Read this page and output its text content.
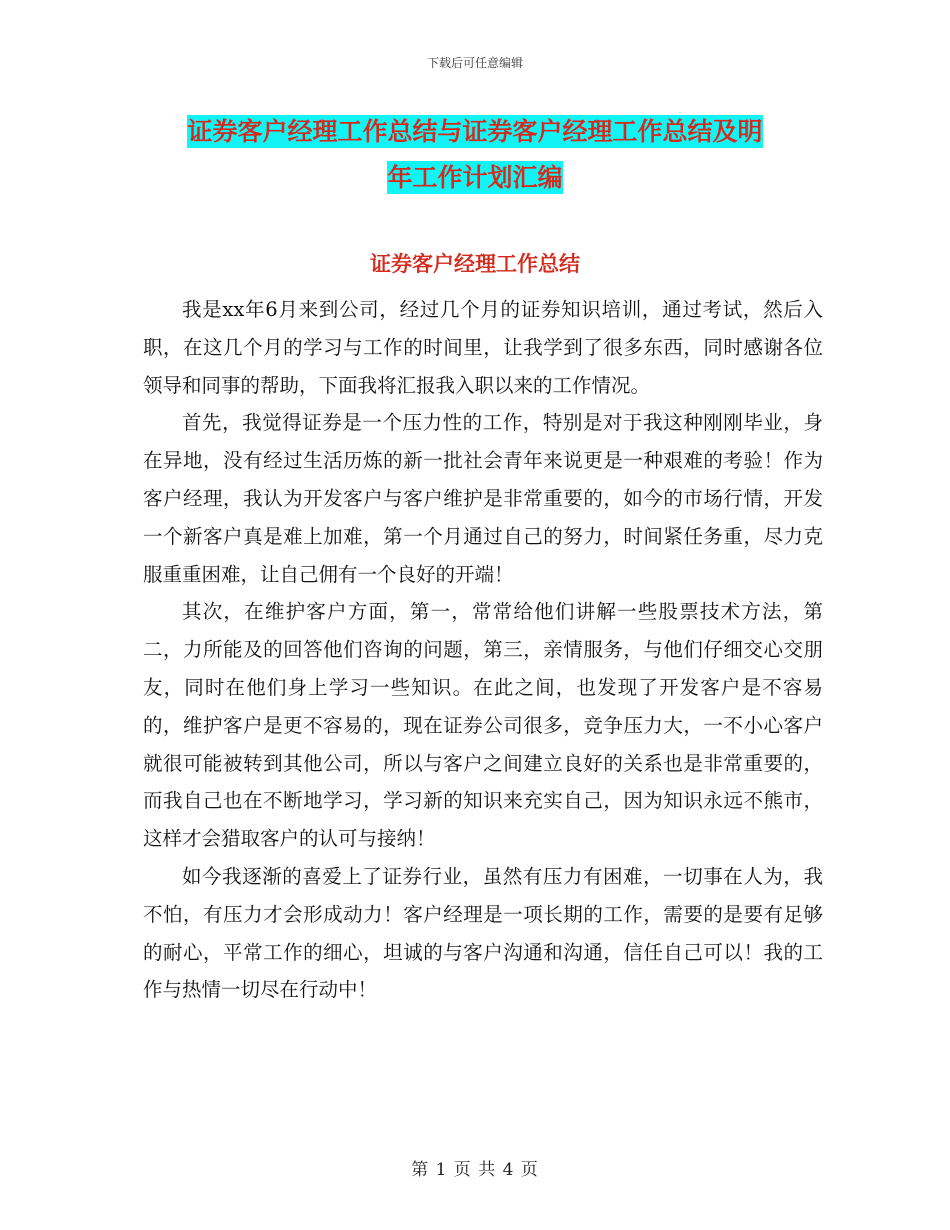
下载后可任意编辑
证券客户经理工作总结与证券客户经理工作总结及明
年工作计划汇编
证券客户经理工作总结

我是xx年6月来到公司，经过几个月的证券知识培训，通过考试，然后入职，在这几个月的学习与工作的时间里，让我学到了很多东西，同时感谢各位领导和同事的帮助，下面我将汇报我入职以来的工作情况。

首先，我觉得证券是一个压力性的工作，特别是对于我这种刚刚毕业，身在异地，没有经过生活历炼的新一批社会青年来说更是一种艰难的考验！作为客户经理，我认为开发客户与客户维护是非常重要的，如今的市场行情，开发一个新客户真是难上加难，第一个月通过自己的努力，时间紧任务重，尽力克服重重困难，让自己佣有一个良好的开端！

其次，在维护客户方面，第一，常常给他们讲解一些股票技术方法，第二，力所能及的回答他们咨询的问题，第三，亲情服务，与他们仔细交心交朋友，同时在他们身上学习一些知识。在此之间，也发现了开发客户是不容易的，维护客户是更不容易的，现在证券公司很多，竞争压力大，一不小心客户就很可能被转到其他公司，所以与客户之间建立良好的关系也是非常重要的，而我自己也在不断地学习，学习新的知识来充实自己，因为知识永远不熊市，这样才会猎取客户的认可与接纳！

如今我逐渐的喜爱上了证券行业，虽然有压力有困难，一切事在人为，我不怕，有压力才会形成动力！客户经理是一项长期的工作，需要的是要有足够的耐心，平常工作的细心，坦诚的与客户沟通和沟通，信任自己可以！我的工作与热情一切尽在行动中！

第 1 页 共 4 页
